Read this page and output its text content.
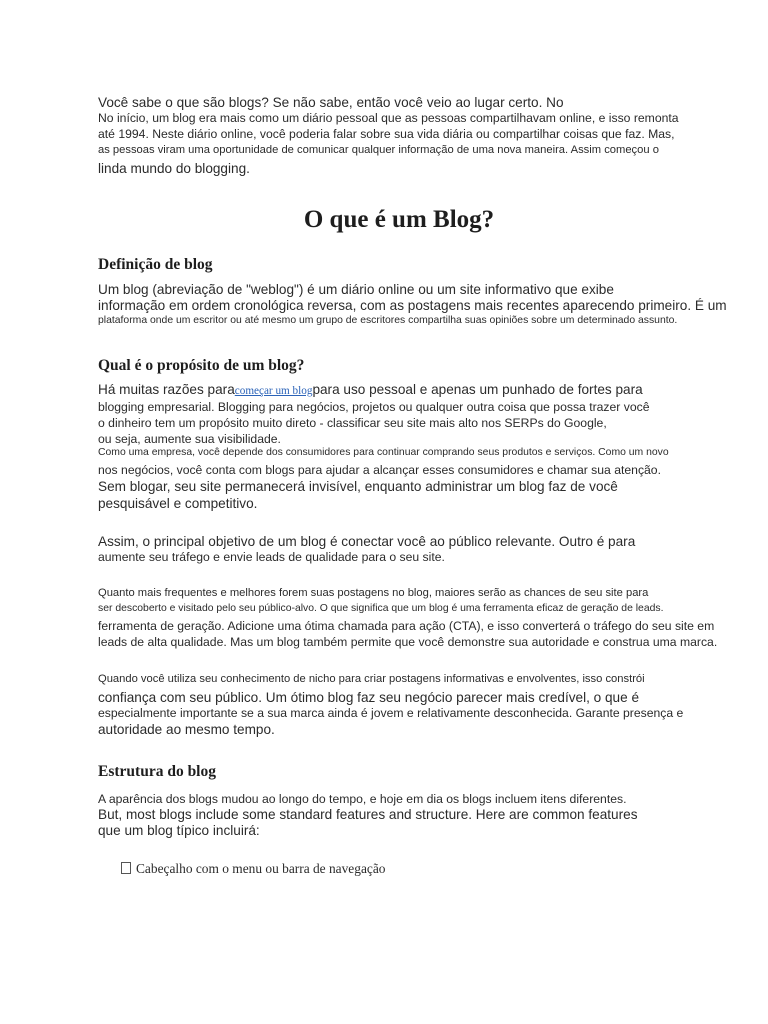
Você sabe o que são blogs? Se não sabe, então você veio ao lugar certo. No
No início, um blog era mais como um diário pessoal que as pessoas compartilhavam online, e isso remonta
até 1994. Neste diário online, você poderia falar sobre sua vida diária ou compartilhar coisas que faz. Mas,
as pessoas viram uma oportunidade de comunicar qualquer informação de uma nova maneira. Assim começou o
linda mundo do blogging.
O que é um Blog?
Definição de blog
Um blog (abreviação de "weblog") é um diário online ou um site informativo que exibe
informação em ordem cronológica reversa, com as postagens mais recentes aparecendo primeiro. É um
plataforma onde um escritor ou até mesmo um grupo de escritores compartilha suas opiniões sobre um determinado assunto.
Qual é o propósito de um blog?
Há muitas razões paracomeçar um blogpara uso pessoal e apenas um punhado de fortes para
blogging empresarial. Blogging para negócios, projetos ou qualquer outra coisa que possa trazer você
o dinheiro tem um propósito muito direto - classificar seu site mais alto nos SERPs do Google,
ou seja, aumente sua visibilidade.
Como uma empresa, você depende dos consumidores para continuar comprando seus produtos e serviços. Como um novo
nos negócios, você conta com blogs para ajudar a alcançar esses consumidores e chamar sua atenção.
Sem blogar, seu site permanecerá invisível, enquanto administrar um blog faz de você
pesquisável e competitivo.
Assim, o principal objetivo de um blog é conectar você ao público relevante. Outro é para
aumente seu tráfego e envie leads de qualidade para o seu site.
Quanto mais frequentes e melhores forem suas postagens no blog, maiores serão as chances de seu site para
ser descoberto e visitado pelo seu público-alvo. O que significa que um blog é uma ferramenta eficaz de geração de leads.
ferramenta de geração. Adicione uma ótima chamada para ação (CTA), e isso converterá o tráfego do seu site em
leads de alta qualidade. Mas um blog também permite que você demonstre sua autoridade e construa uma marca.
Quando você utiliza seu conhecimento de nicho para criar postagens informativas e envolventes, isso constrói
confiança com seu público. Um ótimo blog faz seu negócio parecer mais credível, o que é
especialmente importante se a sua marca ainda é jovem e relativamente desconhecida. Garante presença e
autoridade ao mesmo tempo.
Estrutura do blog
A aparência dos blogs mudou ao longo do tempo, e hoje em dia os blogs incluem itens diferentes.
But, most blogs include some standard features and structure. Here are common features
que um blog típico incluirá:
Cabeçalho com o menu ou barra de navegação
